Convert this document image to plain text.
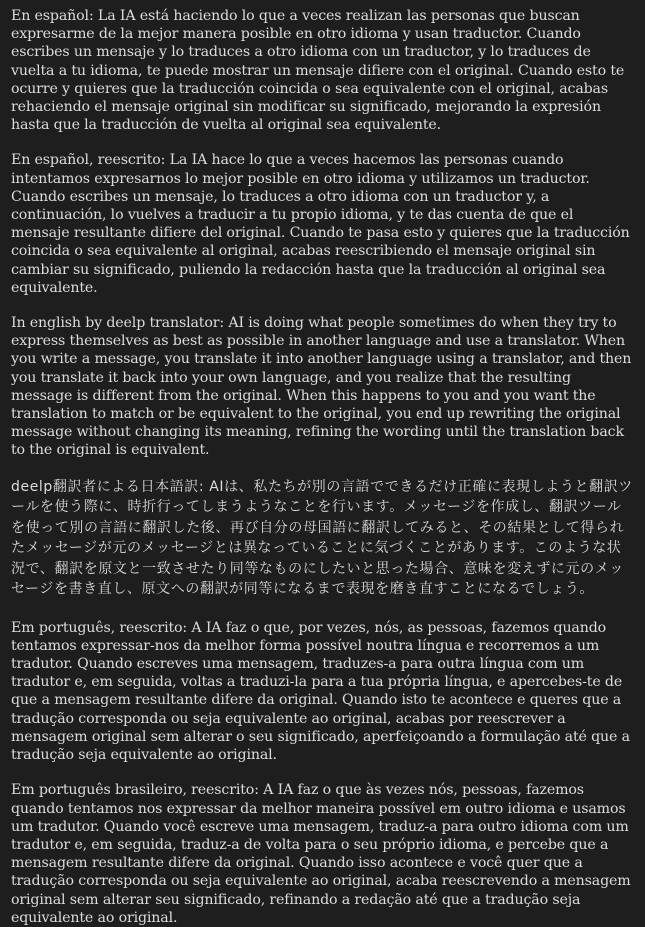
En español: La IA está haciendo lo que a veces realizan las personas que buscan expresarme de la mejor manera posible en otro idioma y usan traductor. Cuando escribes un mensaje y lo traduces a otro idioma con un traductor, y lo traduces de vuelta a tu idioma, te puede mostrar un mensaje difiere con el original. Cuando esto te ocurre y quieres que la traducción coincida o sea equivalente con el original, acabas rehaciendo el mensaje original sin modificar su significado, mejorando la expresión hasta que la traducción de vuelta al original sea equivalente.

En español, reescrito: La IA hace lo que a veces hacemos las personas cuando intentamos expresarnos lo mejor posible en otro idioma y utilizamos un traductor. Cuando escribes un mensaje, lo traduces a otro idioma con un traductor y, a continuación, lo vuelves a traducir a tu propio idioma, y te das cuenta de que el mensaje resultante difiere del original. Cuando te pasa esto y quieres que la traducción coincida o sea equivalente al original, acabas reescribiendo el mensaje original sin cambiar su significado, puliendo la redacción hasta que la traducción al original sea equivalente.

In english by deelp translator: AI is doing what people sometimes do when they try to express themselves as best as possible in another language and use a translator. When you write a message, you translate it into another language using a translator, and then you translate it back into your own language, and you realize that the resulting message is different from the original. When this happens to you and you want the translation to match or be equivalent to the original, you end up rewriting the original message without changing its meaning, refining the wording until the translation back to the original is equivalent.

deelp翻訳者による日本語訳: AIは、私たちが別の言語でできるだけ正確に表現しようと翻訳ツールを使う際に、時折行ってしまうようなことを行います。メッセージを作成し、翻訳ツールを使って別の言語に翻訳した後、再び自分の母国語に翻訳してみると、その結果として得られたメッセージが元のメッセージとは異なっていることに気づくことがあります。このような状況で、翻訳を原文と一致させたり同等なものにしたいと思った場合、意味を変えずに元のメッセージを書き直し、原文への翻訳が同等になるまで表現を磨き直すことになるでしょう。

Em português, reescrito: A IA faz o que, por vezes, nós, as pessoas, fazemos quando tentamos expressar-nos da melhor forma possível noutra língua e recorremos a um tradutor. Quando escreves uma mensagem, traduzes-a para outra língua com um tradutor e, em seguida, voltas a traduzi-la para a tua própria língua, e apercebes-te de que a mensagem resultante difere da original. Quando isto te acontece e queres que a tradução corresponda ou seja equivalente ao original, acabas por reescrever a mensagem original sem alterar o seu significado, aperfeiçoando a formulação até que a tradução seja equivalente ao original.

Em português brasileiro, reescrito: A IA faz o que às vezes nós, pessoas, fazemos quando tentamos nos expressar da melhor maneira possível em outro idioma e usamos um tradutor. Quando você escreve uma mensagem, traduz-a para outro idioma com um tradutor e, em seguida, traduz-a de volta para o seu próprio idioma, e percebe que a mensagem resultante difere da original. Quando isso acontece e você quer que a tradução corresponda ou seja equivalente ao original, acaba reescrevendo a mensagem original sem alterar seu significado, refinando a redação até que a tradução seja equivalente ao original.
